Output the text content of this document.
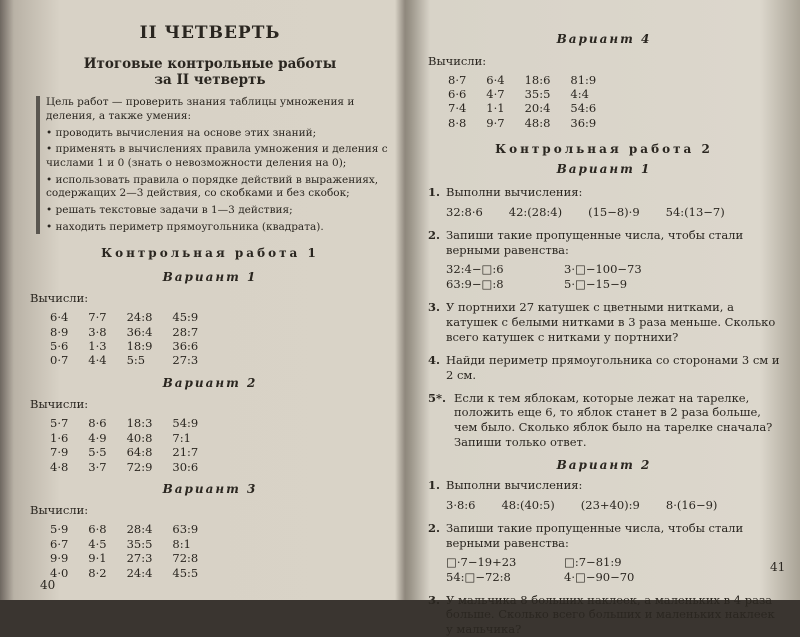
II ЧЕТВЕРТЬ
Итоговые контрольные работы
за II четверть

Цель работ — проверить знания таблицы умножения и деления, а также умения:

• проводить вычисления на основе этих знаний;

• применять в вычислениях правила умножения и деления с числами 1 и 0 (знать о невозможности деления на 0);

• использовать правила о порядке действий в выражениях, содержащих 2—3 действия, со скобками и без скобок;

• решать текстовые задачи в 1—3 действия;

• находить периметр прямоугольника (квадрата).

Контрольная работа 1
Вариант 1
Вычисли:
6·4	7·7	24:8	45:9
8·9	3·8	36:4	28:7
5·6	1·3	18:9	36:6
0·7	4·4	5:5	27:3
Вариант 2
Вычисли:
5·7	8·6	18:3	54:9
1·6	4·9	40:8	7:1
7·9	5·5	64:8	21:7
4·8	3·7	72:9	30:6
Вариант 3
Вычисли:
5·9	6·8	28:4	63:9
6·7	4·5	35:5	8:1
9·9	9·1	27:3	72:8
4·0	8·2	24:4	45:5
40
Вариант 4
Вычисли:
8·7	6·4	18:6	81:9
6·6	4·7	35:5	4:4
7·4	1·1	20:4	54:6
8·8	9·7	48:8	36:9
Контрольная работа 2
Вариант 1
1. Выполни вычисления:
32:8·6 42:(28:4) (15−8)·9 54:(13−7)
2. Запиши такие пропущенные числа, чтобы стали верными равенства:
32:4−□:6	3·□−100−73
63:9−□:8	5·□−15−9
3. У портнихи 27 катушек с цветными нитками, а катушек с белыми нитками в 3 раза меньше. Сколько всего катушек с нитками у портнихи?
4. Найди периметр прямоугольника со сторонами 3 см и 2 см.
5*. Если к тем яблокам, которые лежат на тарелке, положить еще 6, то яблок станет в 2 раза больше, чем было. Сколько яблок было на тарелке сначала? Запиши только ответ.
Вариант 2
1. Выполни вычисления:
3·8:6 48:(40:5) (23+40):9 8·(16−9)
2. Запиши такие пропущенные числа, чтобы стали верными равенства:
□·7−19+23	□:7−81:9
54:□−72:8	4·□−90−70
3. У мальчика 8 больших наклеек, а маленьких в 4 раза больше. Сколько всего больших и маленьких наклеек у мальчика?
41
